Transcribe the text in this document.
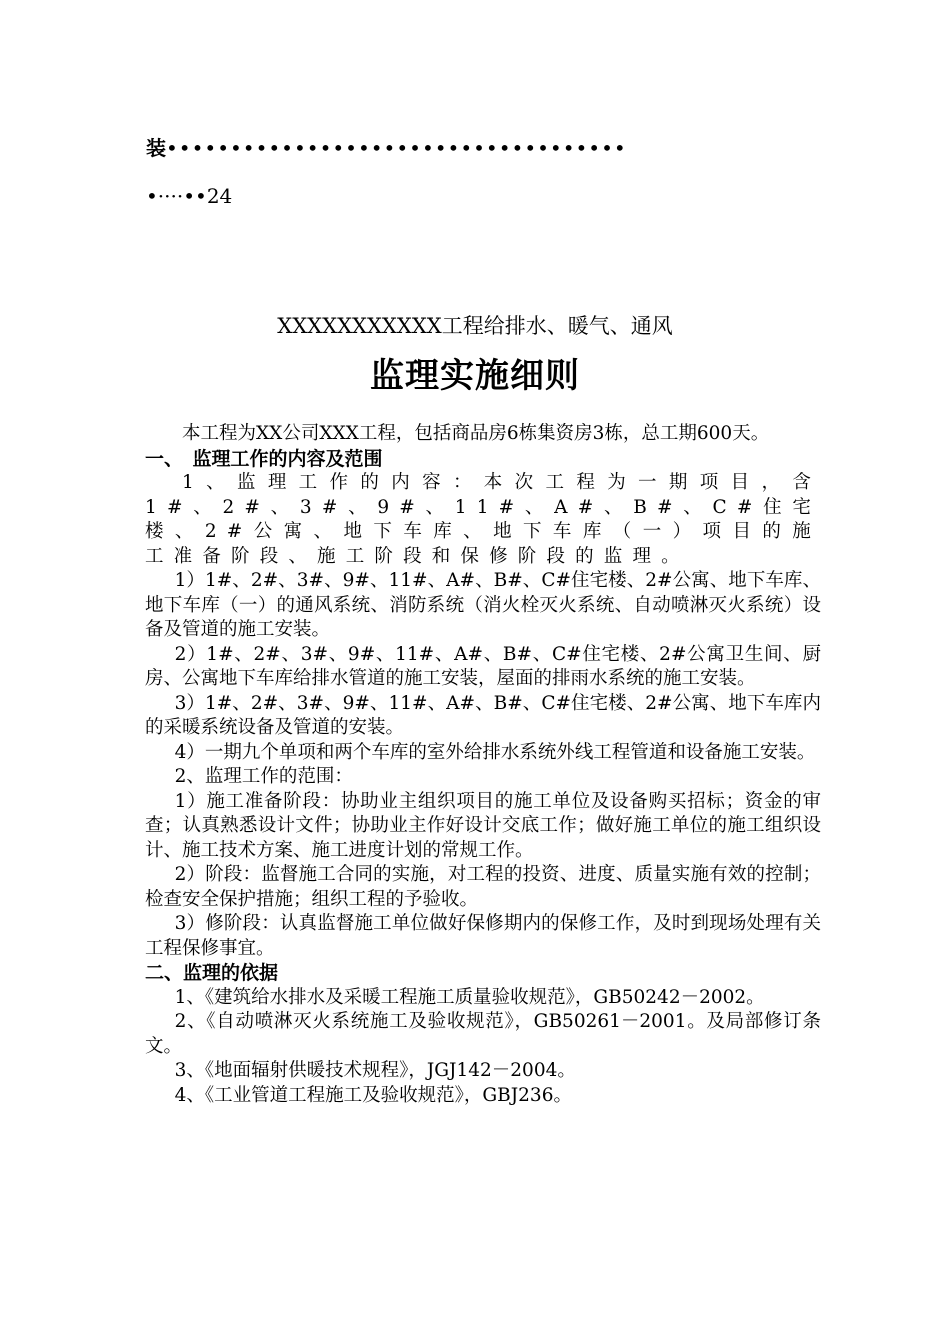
装••••••••••••••••••••••••••••••••••••
•····••24
XXXXXXXXXXX工程给排水、暖气、通风
监理实施细则

本工程为XX公司XXX工程，包括商品房6栋集资房3栋，总工期600天。

一、　监理工作的内容及范围

1、监理工作的内容：本次工程为一期项目，含1#、2#、3#、9#、11#、A#、B#、C#住宅楼、2#公寓、地下车库、地下车库（一）项目的施工准备阶段、施工阶段和保修阶段的监理。

1）1#、2#、3#、9#、11#、A#、B#、C#住宅楼、2#公寓、地下车库、地下车库（一）的通风系统、消防系统（消火栓灭火系统、自动喷淋灭火系统）设备及管道的施工安装。

2）1#、2#、3#、9#、11#、A#、B#、C#住宅楼、2#公寓卫生间、厨房、公寓地下车库给排水管道的施工安装，屋面的排雨水系统的施工安装。

3）1#、2#、3#、9#、11#、A#、B#、C#住宅楼、2#公寓、地下车库内的采暖系统设备及管道的安装。

4）一期九个单项和两个车库的室外给排水系统外线工程管道和设备施工安装。

2、监理工作的范围：

1）施工准备阶段：协助业主组织项目的施工单位及设备购买招标；资金的审查；认真熟悉设计文件；协助业主作好设计交底工作；做好施工单位的施工组织设计、施工技术方案、施工进度计划的常规工作。

2）阶段：监督施工合同的实施，对工程的投资、进度、质量实施有效的控制；检查安全保护措施；组织工程的予验收。

3）修阶段：认真监督施工单位做好保修期内的保修工作，及时到现场处理有关工程保修事宜。

二、监理的依据

1、《建筑给水排水及采暖工程施工质量验收规范》，GB50242－2002。

2、《自动喷淋灭火系统施工及验收规范》，GB50261－2001。及局部修订条文。

3、《地面辐射供暖技术规程》，JGJ142－2004。

4、《工业管道工程施工及验收规范》，GBJ236。
